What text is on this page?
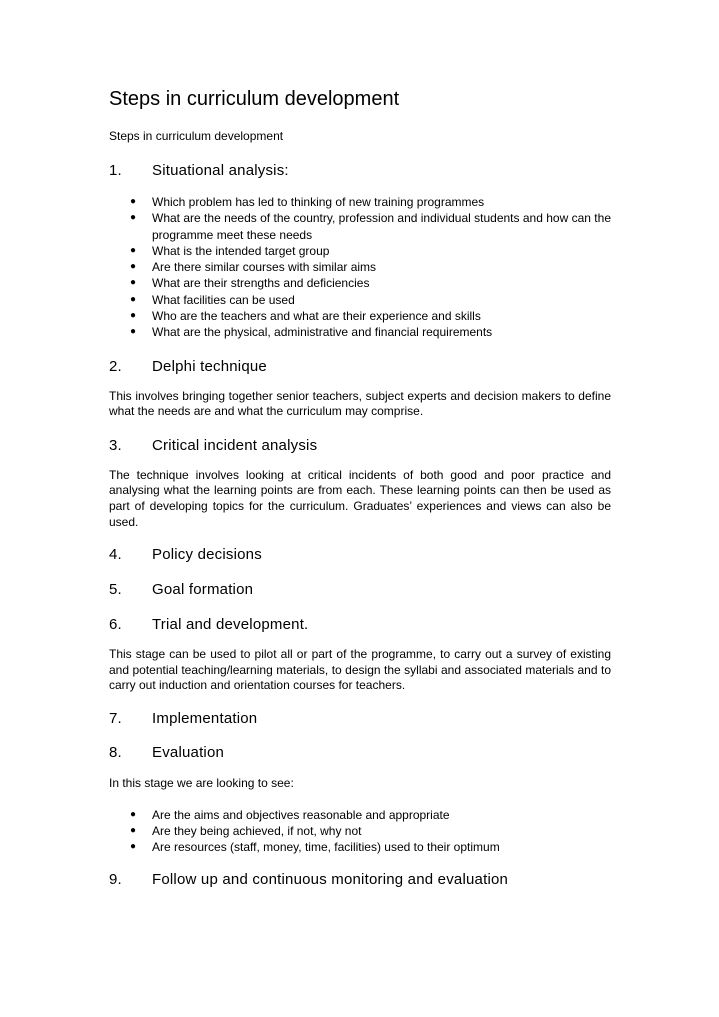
Steps in curriculum development
Steps in curriculum development
1.	Situational analysis:
●	Which problem has led to thinking of new training programmes
●	What are the needs of the country, profession and individual students and how can the programme meet these needs
●	What is the intended target group
●	Are there similar courses with similar aims
●	What are their strengths and deficiencies
●	What facilities can be used
●	Who are the teachers and what are their experience and skills
●	What are the physical, administrative and financial requirements
2.	Delphi technique
This involves bringing together senior teachers, subject experts and decision makers to define what the needs are and what the curriculum may comprise.
3.	Critical incident analysis
The technique involves looking at critical incidents of both good and poor practice and analysing what the learning points are from each. These learning points can then be used as part of developing topics for the curriculum. Graduates’ experiences and views can also be used.
4.	Policy decisions
5.	Goal formation
6.	Trial and development.
This stage can be used to pilot all or part of the programme, to carry out a survey of existing and potential teaching/learning materials, to design the syllabi and associated materials and to carry out induction and orientation courses for teachers.
7.	Implementation
8.	Evaluation
In this stage we are looking to see:
●	Are the aims and objectives reasonable and appropriate
●	Are they being achieved, if not, why not
●	Are resources (staff, money, time, facilities) used to their optimum
9.	Follow up and continuous monitoring and evaluation
